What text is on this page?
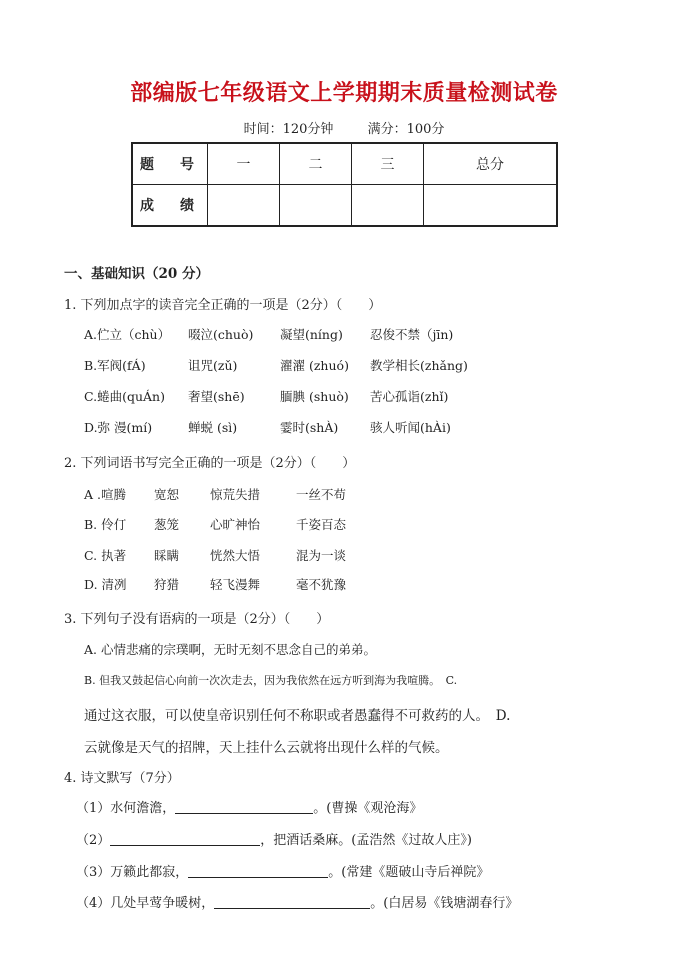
部编版七年级语文上学期期末质量检测试卷
时间：120分钟	满分：100分
题　号	一	二	三	总分
成　绩				
一、基础知识（20 分）
1. 下列加点字的读音完全正确的一项是（2分）（　　）
A.伫立（chù） 啜泣(chuò) 凝望(níng) 忍俊不禁（jīn)
B.军阀(fÁ)	诅咒(zǔ)	濯濯 (zhuó) 教学相长(zhǎng)
C.蜷曲(quÁn) 奢望(shē)	腼腆 (shuò) 苦心孤诣(zhǐ)
D.弥 漫(mí)	蝉蜕 (sì)	霎时(shÀ)	骇人听闻(hÀi)
2. 下列词语书写完全正确的一项是（2分）（　　）
A .喧腾 宽恕 惊荒失措	一丝不苟
B. 伶仃 葱笼 心旷神怡	千姿百态
C. 执著 睬瞒 恍然大悟	混为一谈
D. 清冽 狩猎 轻飞漫舞	毫不犹豫
3. 下列句子没有语病的一项是（2分）（　　）
A. 心情悲痛的宗璞啊，无时无刻不思念自己的弟弟。
B. 但我又鼓起信心向前一次次走去，因为我依然在远方听到海为我喧腾。　C.
通过这衣服，可以使皇帝识别任何不称职或者愚蠢得不可救药的人。　D.
云就像是天气的招牌，天上挂什么云就将出现什么样的气候。
4. 诗文默写（7分）
（1）水何澹澹，	。(曹操《观沧海》
（2）	，把酒话桑麻。(孟浩然《过故人庄》)
（3）万籁此都寂，	。(常建《题破山寺后禅院》
（4）几处早莺争暖树，	。(白居易《钱塘湖春行》
